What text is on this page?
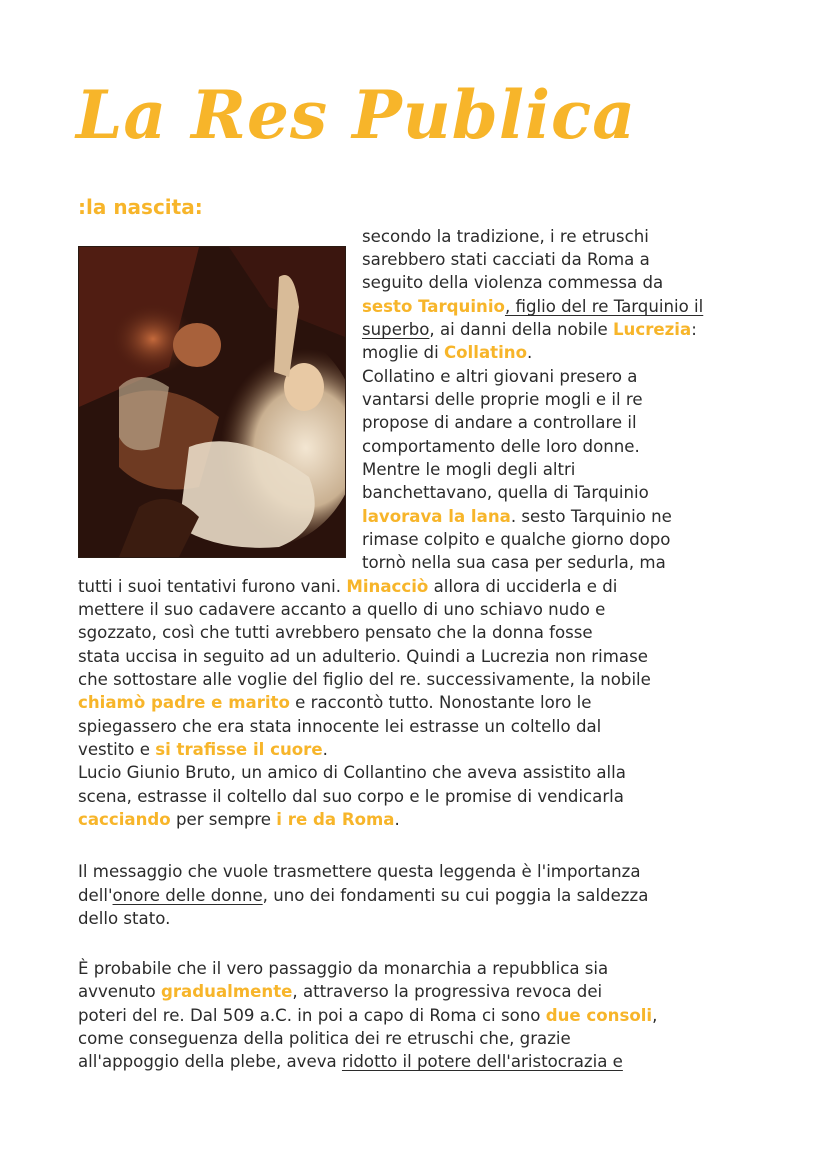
La Res Publica
:la nascita:
secondo la tradizione, i re etruschi
sarebbero stati cacciati da Roma a
seguito della violenza commessa da
sesto Tarquinio, figlio del re Tarquinio il
superbo, ai danni della nobile Lucrezia:
moglie di Collatino.
Collatino e altri giovani presero a
vantarsi delle proprie mogli e il re
propose di andare a controllare il
comportamento delle loro donne.
Mentre le mogli degli altri
banchettavano, quella di Tarquinio
lavorava la lana. sesto Tarquinio ne
rimase colpito e qualche giorno dopo
tornò nella sua casa per sedurla, ma
tutti i suoi tentativi furono vani. Minacciò allora di ucciderla e di
mettere il suo cadavere accanto a quello di uno schiavo nudo e
sgozzato, così che tutti avrebbero pensato che la donna fosse
stata uccisa in seguito ad un adulterio. Quindi a Lucrezia non rimase
che sottostare alle voglie del figlio del re. successivamente, la nobile
chiamò padre e marito e raccontò tutto. Nonostante loro le
spiegassero che era stata innocente lei estrasse un coltello dal
vestito e si trafisse il cuore.
Lucio Giunio Bruto, un amico di Collantino che aveva assistito alla
scena, estrasse il coltello dal suo corpo e le promise di vendicarla
cacciando per sempre i re da Roma.
Il messaggio che vuole trasmettere questa leggenda è l'importanza
dell'onore delle donne, uno dei fondamenti su cui poggia la saldezza
dello stato.
È probabile che il vero passaggio da monarchia a repubblica sia
avvenuto gradualmente, attraverso la progressiva revoca dei
poteri del re. Dal 509 a.C. in poi a capo di Roma ci sono due consoli,
come conseguenza della politica dei re etruschi che, grazie
all'appoggio della plebe, aveva ridotto il potere dell'aristocrazia e
